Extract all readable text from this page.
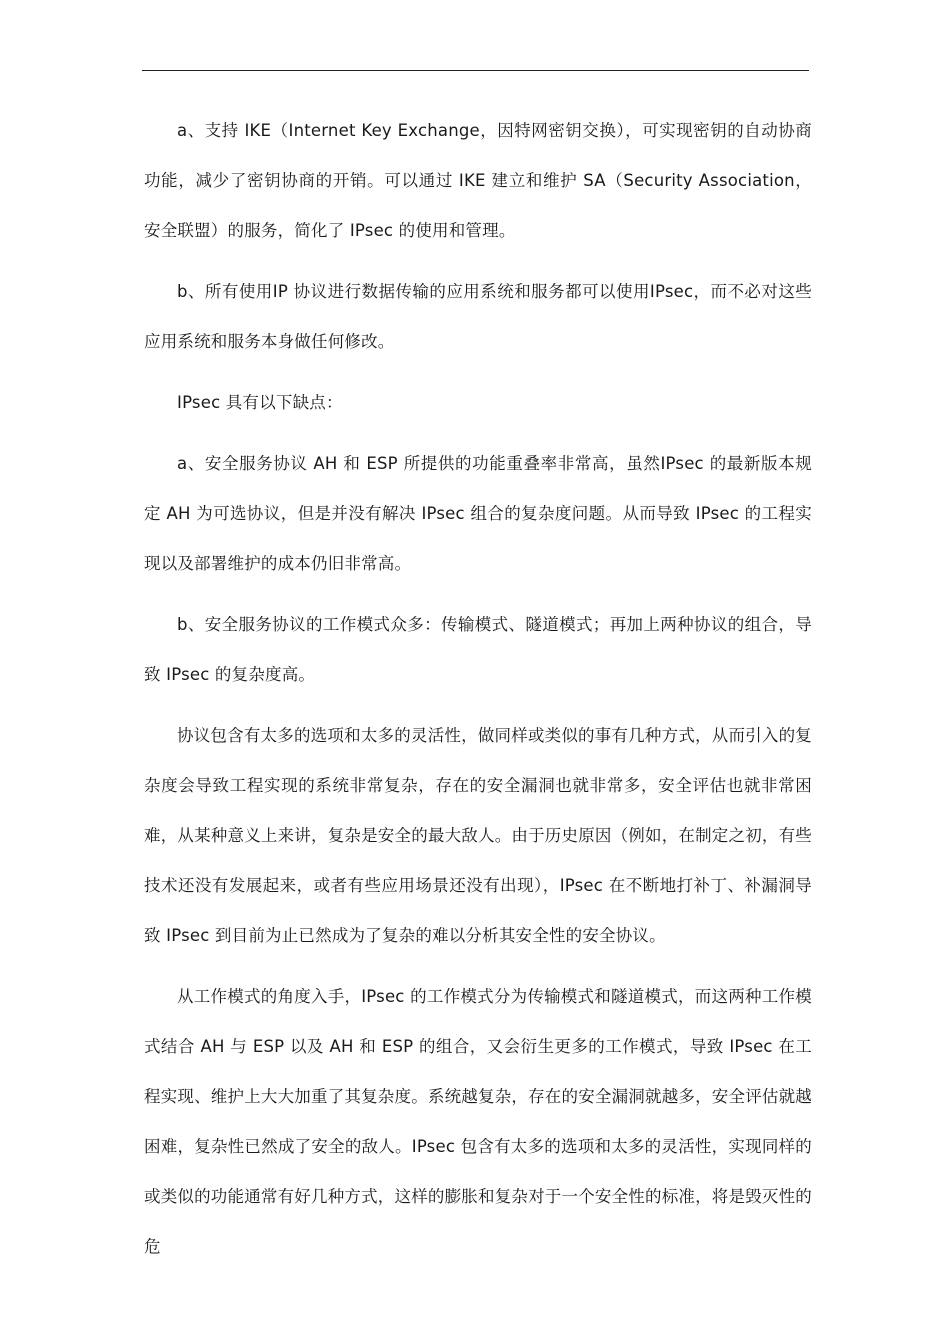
a、支持 IKE（Internet Key Exchange，因特网密钥交换），可实现密钥的自动协商功能，减少了密钥协商的开销。可以通过 IKE 建立和维护 SA（Security Association，安全联盟）的服务，简化了 IPsec 的使用和管理。

b、所有使用IP 协议进行数据传输的应用系统和服务都可以使用IPsec，而不必对这些应用系统和服务本身做任何修改。

IPsec 具有以下缺点：

a、安全服务协议 AH 和 ESP 所提供的功能重叠率非常高，虽然IPsec 的最新版本规定 AH 为可选协议，但是并没有解决 IPsec 组合的复杂度问题。从而导致 IPsec 的工程实现以及部署维护的成本仍旧非常高。

b、安全服务协议的工作模式众多：传输模式、隧道模式；再加上两种协议的组合，导致 IPsec 的复杂度高。

协议包含有太多的选项和太多的灵活性，做同样或类似的事有几种方式，从而引入的复杂度会导致工程实现的系统非常复杂，存在的安全漏洞也就非常多，安全评估也就非常困难，从某种意义上来讲，复杂是安全的最大敌人。由于历史原因（例如，在制定之初，有些技术还没有发展起来，或者有些应用场景还没有出现），IPsec 在不断地打补丁、补漏洞导致 IPsec 到目前为止已然成为了复杂的难以分析其安全性的安全协议。

从工作模式的角度入手，IPsec 的工作模式分为传输模式和隧道模式，而这两种工作模式结合 AH 与 ESP 以及 AH 和 ESP 的组合，又会衍生更多的工作模式，导致 IPsec 在工程实现、维护上大大加重了其复杂度。系统越复杂，存在的安全漏洞就越多，安全评估就越困难，复杂性已然成了安全的敌人。IPsec 包含有太多的选项和太多的灵活性，实现同样的或类似的功能通常有好几种方式，这样的膨胀和复杂对于一个安全性的标准，将是毁灭性的危
